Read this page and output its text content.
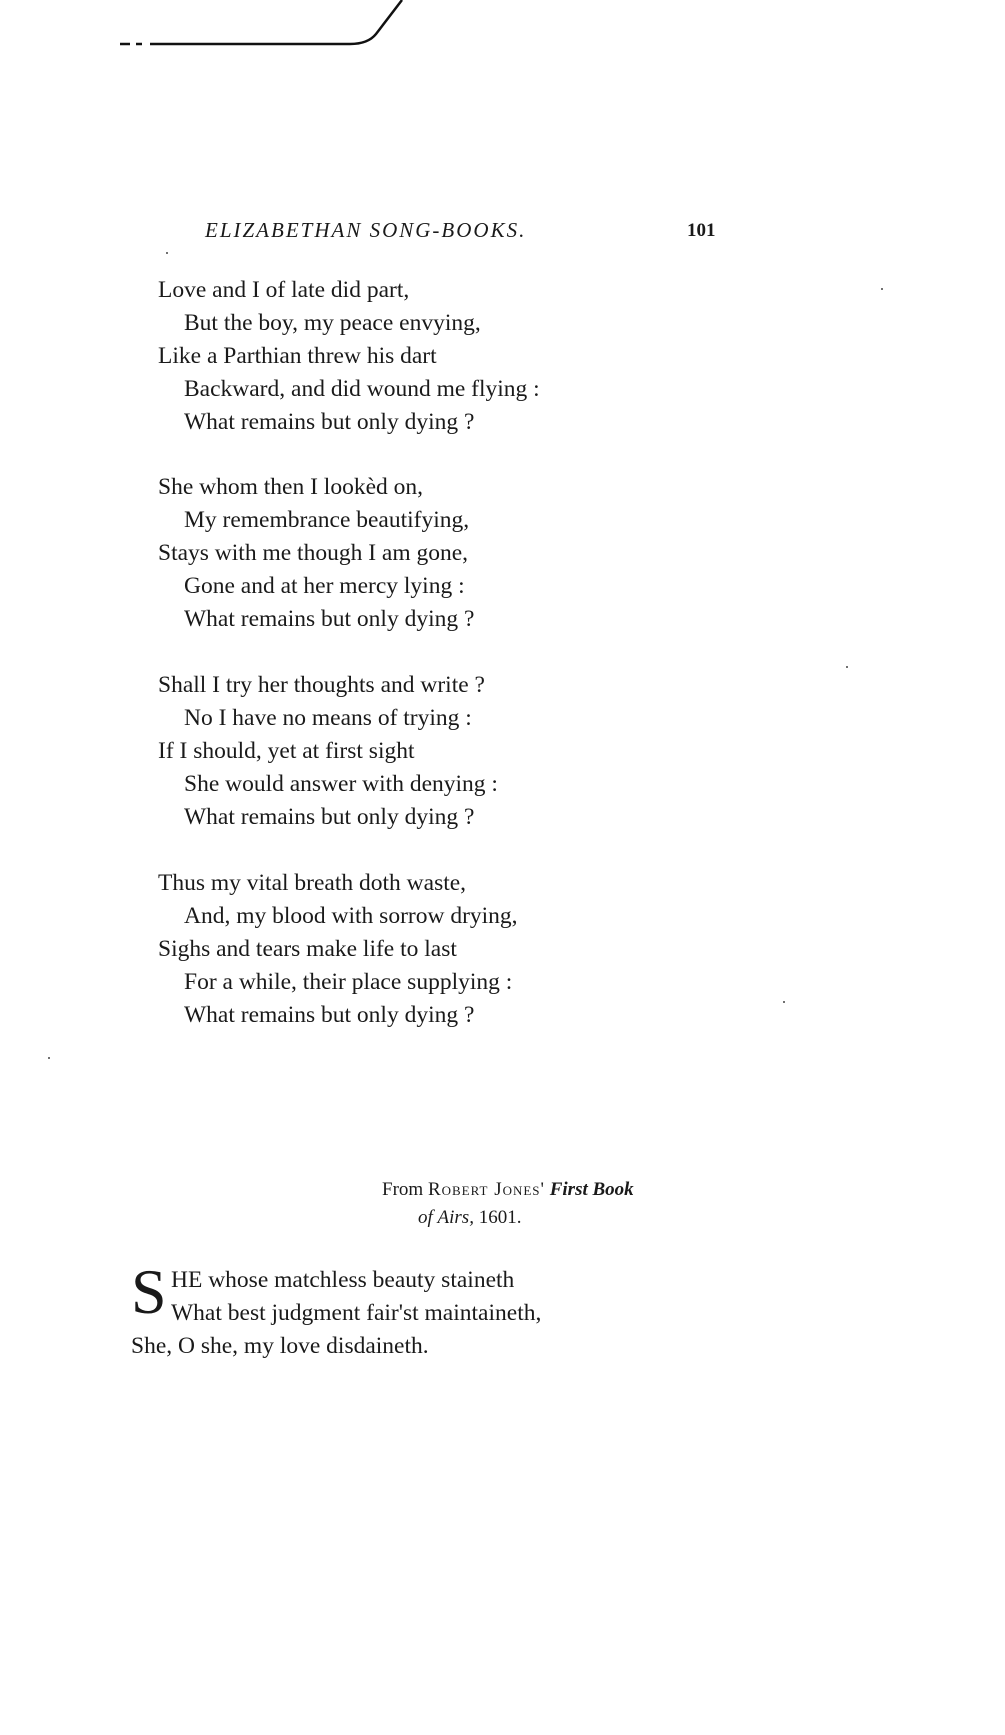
ELIZABETHAN SONG-BOOKS.	101
Love and I of late did part,
But the boy, my peace envying,
Like a Parthian threw his dart
Backward, and did wound me flying :
What remains but only dying ?
She whom then I lookèd on,
My remembrance beautifying,
Stays with me though I am gone,
Gone and at her mercy lying :
What remains but only dying ?
Shall I try her thoughts and write ?
No I have no means of trying :
If I should, yet at first sight
She would answer with denying :
What remains but only dying ?
Thus my vital breath doth waste,
And, my blood with sorrow drying,
Sighs and tears make life to last
For a while, their place supplying :
What remains but only dying ?
From Robert Jones' First Book
of Airs, 1601.
S HE whose matchless beauty staineth
What best judgment fair'st maintaineth,
She, O she, my love disdaineth.
